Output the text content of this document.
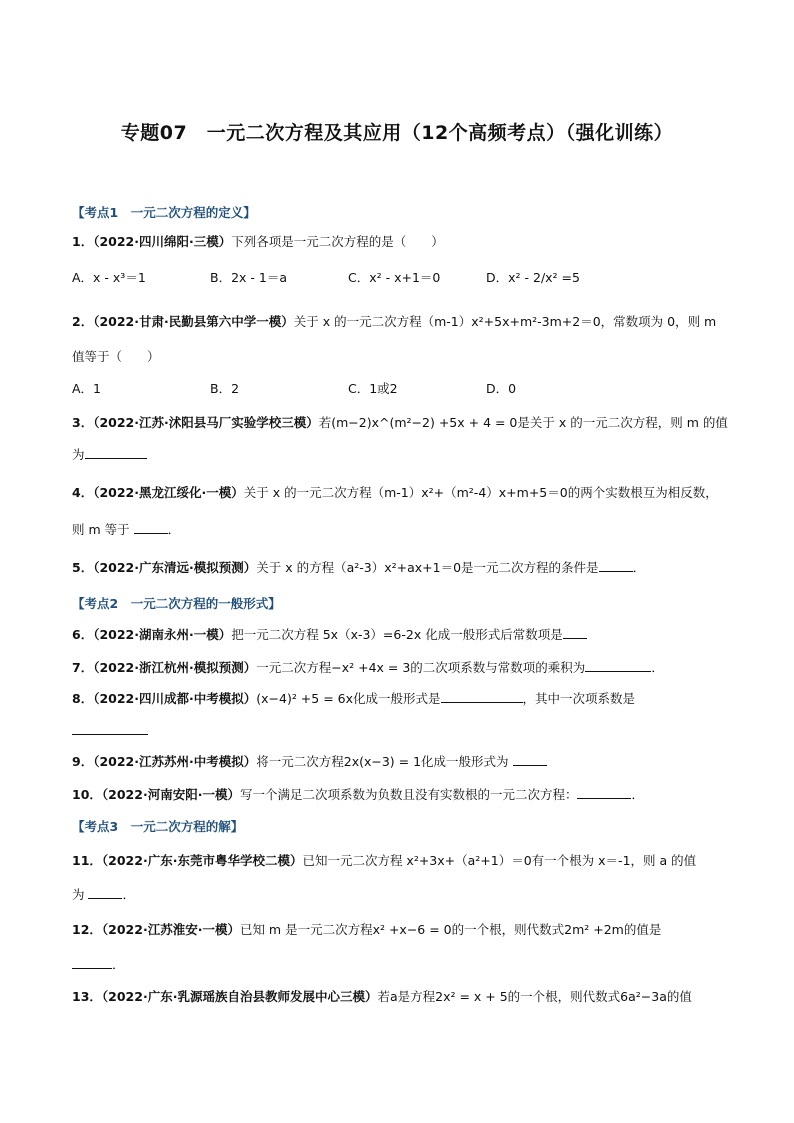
专题07　一元二次方程及其应用（12个高频考点）（强化训练）
【考点1　一元二次方程的定义】
1．（2022·四川绵阳·三模）下列各项是一元二次方程的是（　　）
A．x - x³＝1	B．2x - 1＝a	C．x² - x+1＝0	D．x² - 2/x² =5
2．（2022·甘肃·民勤县第六中学一模）关于 x 的一元二次方程（m-1）x²+5x+m²-3m+2＝0，常数项为 0，则 m
值等于（　　）
A．1	B．2	C．1或2	D．0
3．（2022·江苏·沭阳县马厂实验学校三模）若(m−2)x^(m²−2) +5x + 4 = 0是关于 x 的一元二次方程，则 m 的值
为
4．（2022·黑龙江绥化·一模）关于 x 的一元二次方程（m-1）x²+（m²-4）x+m+5＝0的两个实数根互为相反数，
则 m 等于	．
5．（2022·广东清远·模拟预测）关于 x 的方程（a²-3）x²+ax+1＝0是一元二次方程的条件是	．
【考点2　一元二次方程的一般形式】
6．（2022·湖南永州·一模）把一元二次方程 5x（x-3）=6-2x 化成一般形式后常数项是
7．（2022·浙江杭州·模拟预测）一元二次方程−x² +4x = 3的二次项系数与常数项的乘积为	．
8．（2022·四川成都·中考模拟）(x−4)² +5 = 6x化成一般形式是	，其中一次项系数是
9．（2022·江苏苏州·中考模拟）将一元二次方程2x(x−3) = 1化成一般形式为
10．（2022·河南安阳·一模）写一个满足二次项系数为负数且没有实数根的一元二次方程：	．
【考点3　一元二次方程的解】
11．（2022·广东·东莞市粤华学校二模）已知一元二次方程 x²+3x+（a²+1）＝0有一个根为 x＝-1，则 a 的值
为	．
12．（2022·江苏淮安·一模）已知 m 是一元二次方程x² +x−6 = 0的一个根，则代数式2m² +2m的值是
．
13．（2022·广东·乳源瑶族自治县教师发展中心三模）若a是方程2x² = x + 5的一个根，则代数式6a²−3a的值
